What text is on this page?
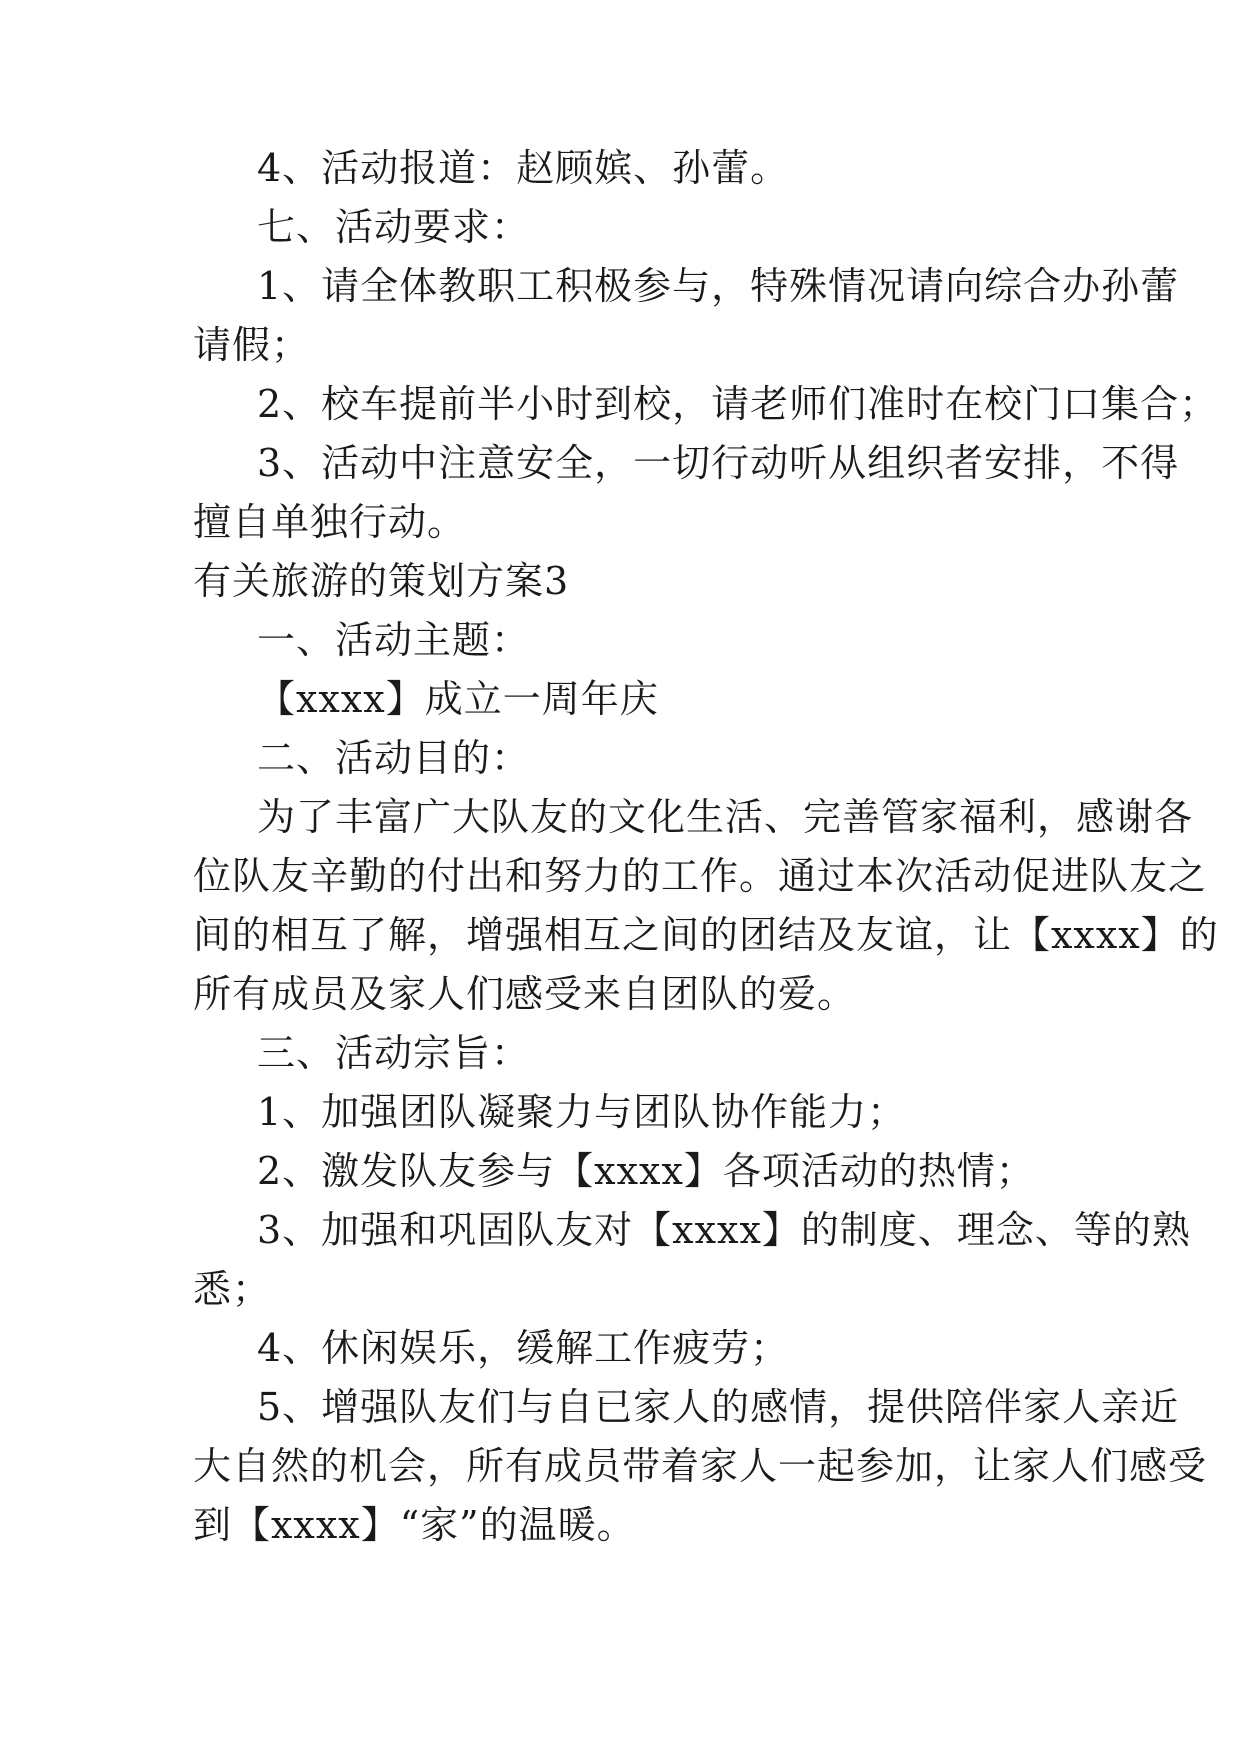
4、活动报道：赵顾嫔、孙蕾。
七、活动要求：
1、请全体教职工积极参与，特殊情况请向综合办孙蕾
请假；
2、校车提前半小时到校，请老师们准时在校门口集合；
3、活动中注意安全，一切行动听从组织者安排，不得
擅自单独行动。
有关旅游的策划方案3
一、活动主题：
【xxxx】成立一周年庆
二、活动目的：
为了丰富广大队友的文化生活、完善管家福利，感谢各
位队友辛勤的付出和努力的工作。通过本次活动促进队友之
间的相互了解，增强相互之间的团结及友谊，让【xxxx】的
所有成员及家人们感受来自团队的爱。
三、活动宗旨：
1、加强团队凝聚力与团队协作能力；
2、激发队友参与【xxxx】各项活动的热情；
3、加强和巩固队友对【xxxx】的制度、理念、等的熟
悉；
4、休闲娱乐，缓解工作疲劳；
5、增强队友们与自已家人的感情，提供陪伴家人亲近
大自然的机会，所有成员带着家人一起参加，让家人们感受
到【xxxx】“家”的温暖。
